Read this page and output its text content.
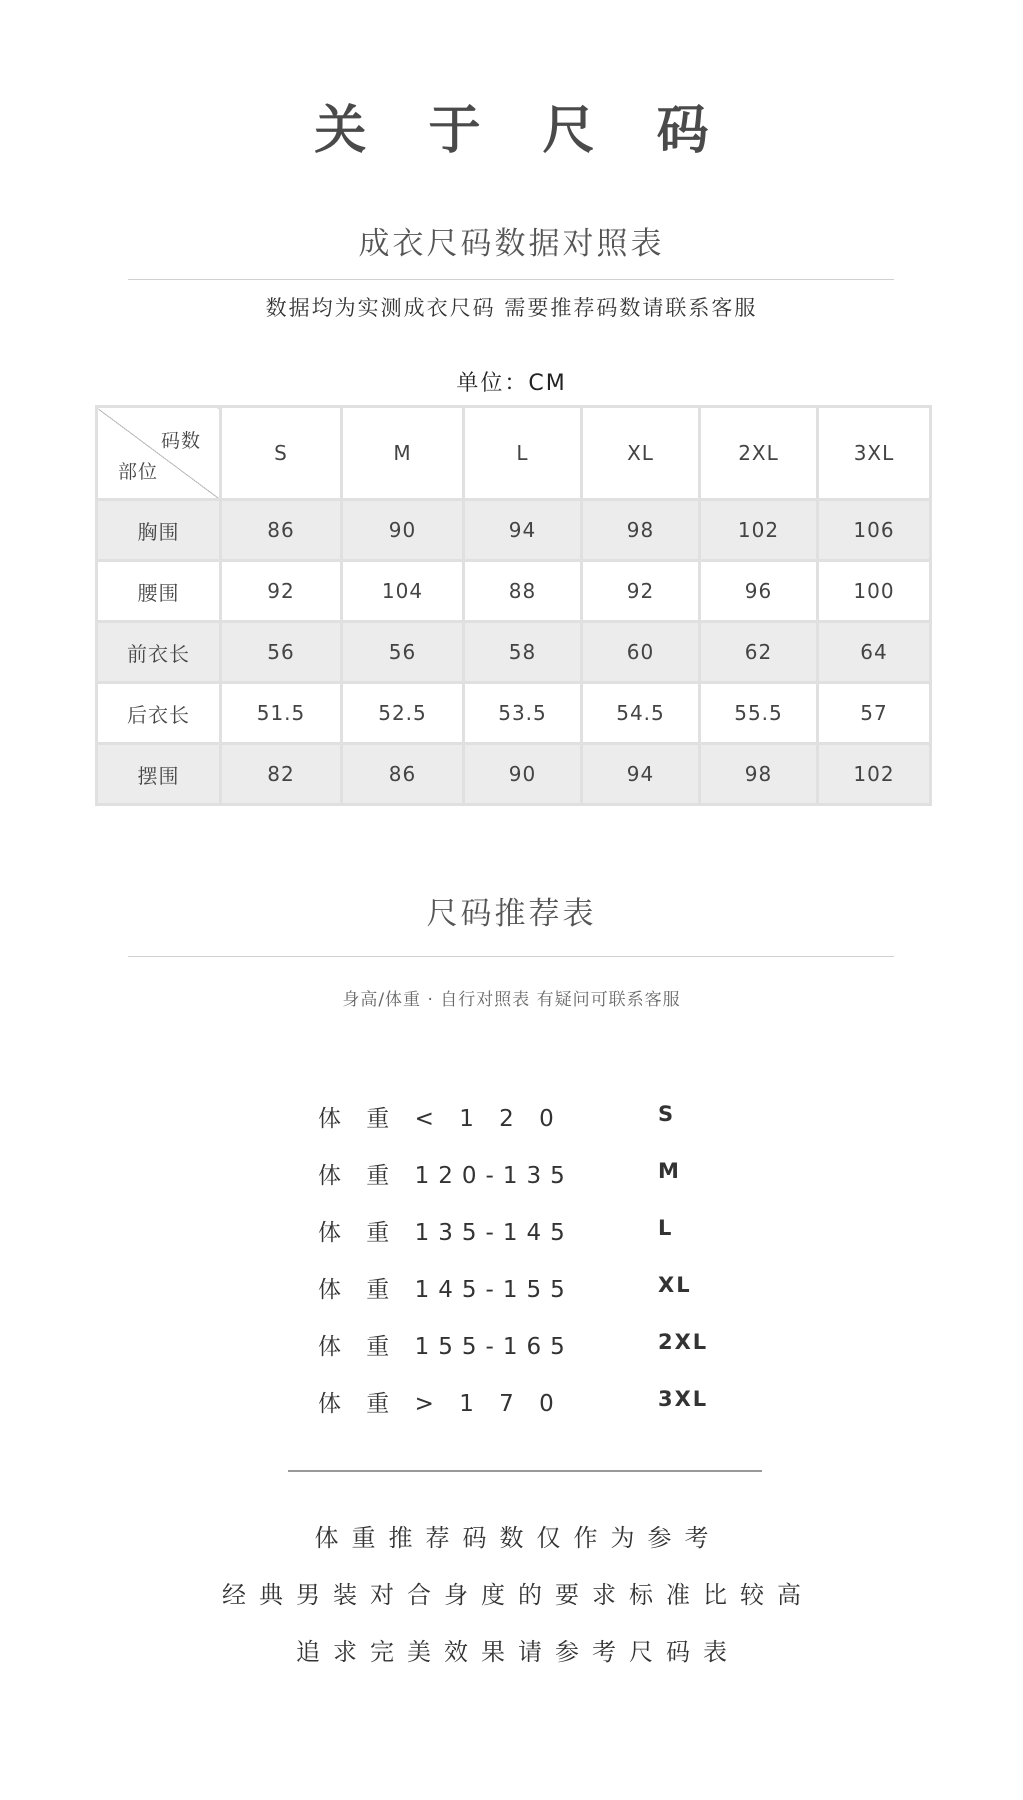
关 于 尺 码
成衣尺码数据对照表
数据均为实测成衣尺码 需要推荐码数请联系客服
单位：CM
码数
部位	S	M	L	XL	2XL	3XL
胸围	86	90	94	98	102	106
腰围	92	104	88	92	96	100
前衣长	56	56	58	60	62	64
后衣长	51.5	52.5	53.5	54.5	55.5	57
摆围	82	86	90	94	98	102
尺码推荐表
身高/体重 · 自行对照表 有疑问可联系客服
体 重 < 1 2 0	S
体 重 120-135	M
体 重 135-145	L
体 重 145-155	XL
体 重 155-165	2XL
体 重 > 1 7 0	3XL
体重推荐码数仅作为参考
经典男装对合身度的要求标准比较高
追求完美效果请参考尺码表
